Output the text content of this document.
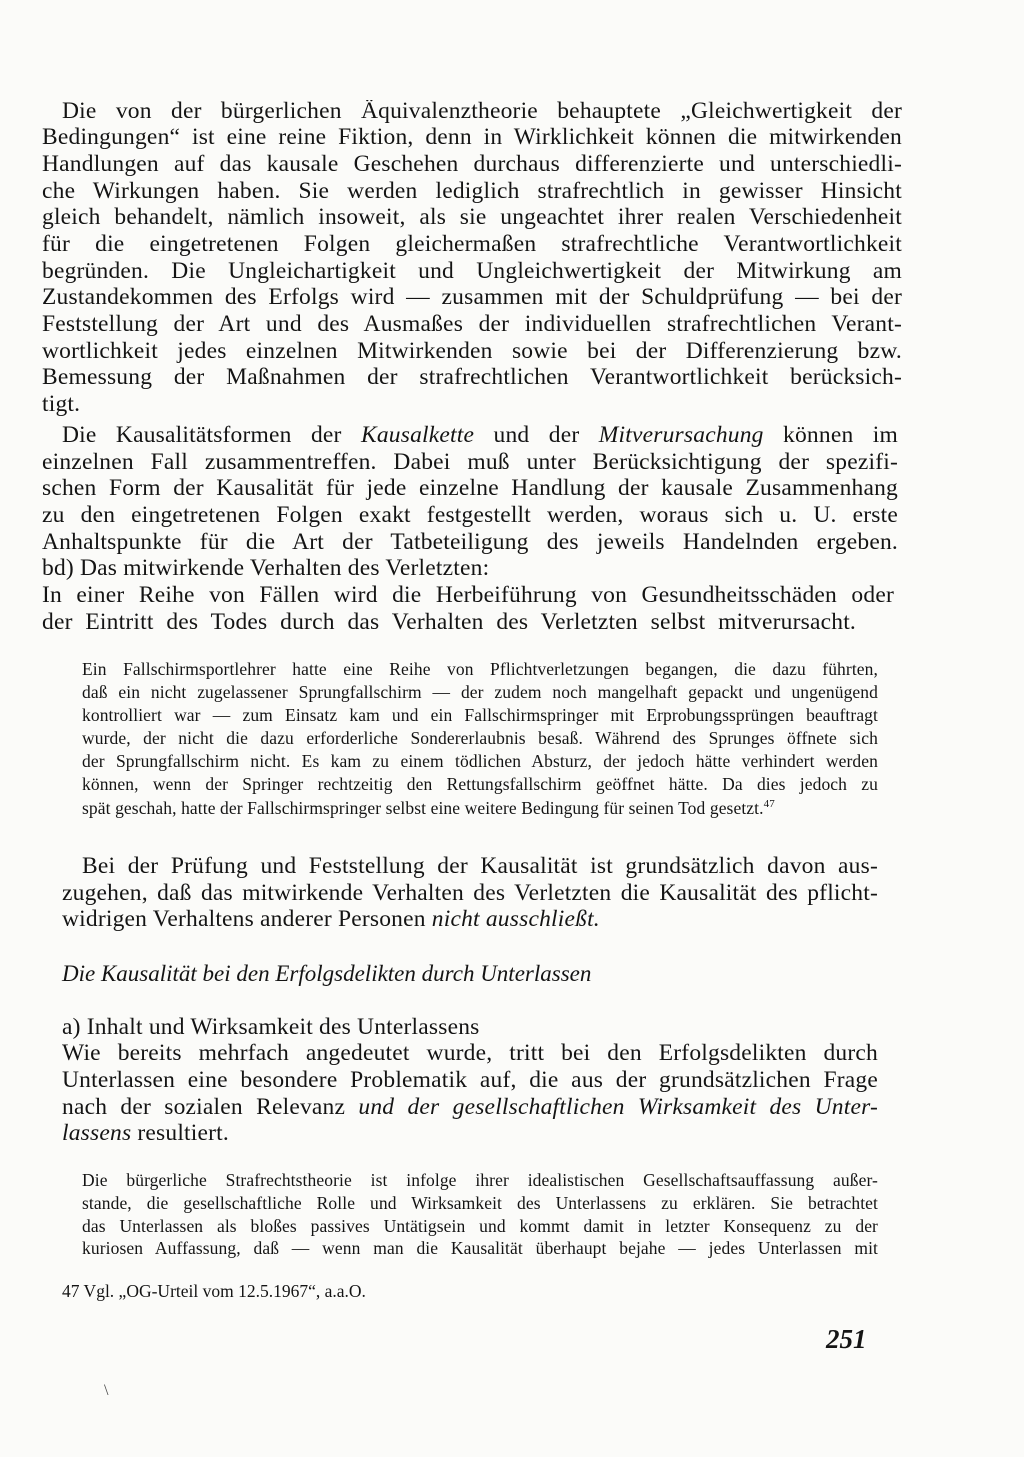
Die von der bürgerlichen Äquivalenztheorie behauptete „Gleichwertigkeit der
Bedingungen“ ist eine reine Fiktion, denn in Wirklichkeit können die mitwirkenden
Handlungen auf das kausale Geschehen durchaus differenzierte und unterschiedli-
che Wirkungen haben. Sie werden lediglich strafrechtlich in gewisser Hinsicht
gleich behandelt, nämlich insoweit, als sie ungeachtet ihrer realen Verschiedenheit
für die eingetretenen Folgen gleichermaßen strafrechtliche Verantwortlichkeit
begründen. Die Ungleichartigkeit und Ungleichwertigkeit der Mitwirkung am
Zustandekommen des Erfolgs wird — zusammen mit der Schuldprüfung — bei der
Feststellung der Art und des Ausmaßes der individuellen strafrechtlichen Verant-
wortlichkeit jedes einzelnen Mitwirkenden sowie bei der Differenzierung bzw.
Bemessung der Maßnahmen der strafrechtlichen Verantwortlichkeit berücksich-
tigt.
Die Kausalitätsformen der Kausalkette und der Mitverursachung können im
einzelnen Fall zusammentreffen. Dabei muß unter Berücksichtigung der spezifi-
schen Form der Kausalität für jede einzelne Handlung der kausale Zusammenhang
zu den eingetretenen Folgen exakt festgestellt werden, woraus sich u. U. erste
Anhaltspunkte für die Art der Tatbeteiligung des jeweils Handelnden ergeben.
bd) Das mitwirkende Verhalten des Verletzten:
In einer Reihe von Fällen wird die Herbeiführung von Gesundheitsschäden oder
der Eintritt des Todes durch das Verhalten des Verletzten selbst mitverursacht.
Ein Fallschirmsportlehrer hatte eine Reihe von Pflichtverletzungen begangen, die dazu führten,
daß ein nicht zugelassener Sprungfallschirm — der zudem noch mangelhaft gepackt und ungenügend
kontrolliert war — zum Einsatz kam und ein Fallschirmspringer mit Erprobungssprüngen beauftragt
wurde, der nicht die dazu erforderliche Sondererlaubnis besaß. Während des Sprunges öffnete sich
der Sprungfallschirm nicht. Es kam zu einem tödlichen Absturz, der jedoch hätte verhindert werden
können, wenn der Springer rechtzeitig den Rettungsfallschirm geöffnet hätte. Da dies jedoch zu
spät geschah, hatte der Fallschirmspringer selbst eine weitere Bedingung für seinen Tod gesetzt.$^{47}$
Bei der Prüfung und Feststellung der Kausalität ist grundsätzlich davon aus-
zugehen, daß das mitwirkende Verhalten des Verletzten die Kausalität des pflicht-
widrigen Verhaltens anderer Personen nicht ausschließt.
Die Kausalität bei den Erfolgsdelikten durch Unterlassen
a) Inhalt und Wirksamkeit des Unterlassens
Wie bereits mehrfach angedeutet wurde, tritt bei den Erfolgsdelikten durch
Unterlassen eine besondere Problematik auf, die aus der grundsätzlichen Frage
nach der sozialen Relevanz und der gesellschaftlichen Wirksamkeit des Unter-
lassens resultiert.
Die bürgerliche Strafrechtstheorie ist infolge ihrer idealistischen Gesellschaftsauffassung außer-
stande, die gesellschaftliche Rolle und Wirksamkeit des Unterlassens zu erklären. Sie betrachtet
das Unterlassen als bloßes passives Untätigsein und kommt damit in letzter Konsequenz zu der
kuriosen Auffassung, daß — wenn man die Kausalität überhaupt bejahe — jedes Unterlassen mit
47 Vgl. „OG-Urteil vom 12.5.1967“, a.a.O.
251
\
